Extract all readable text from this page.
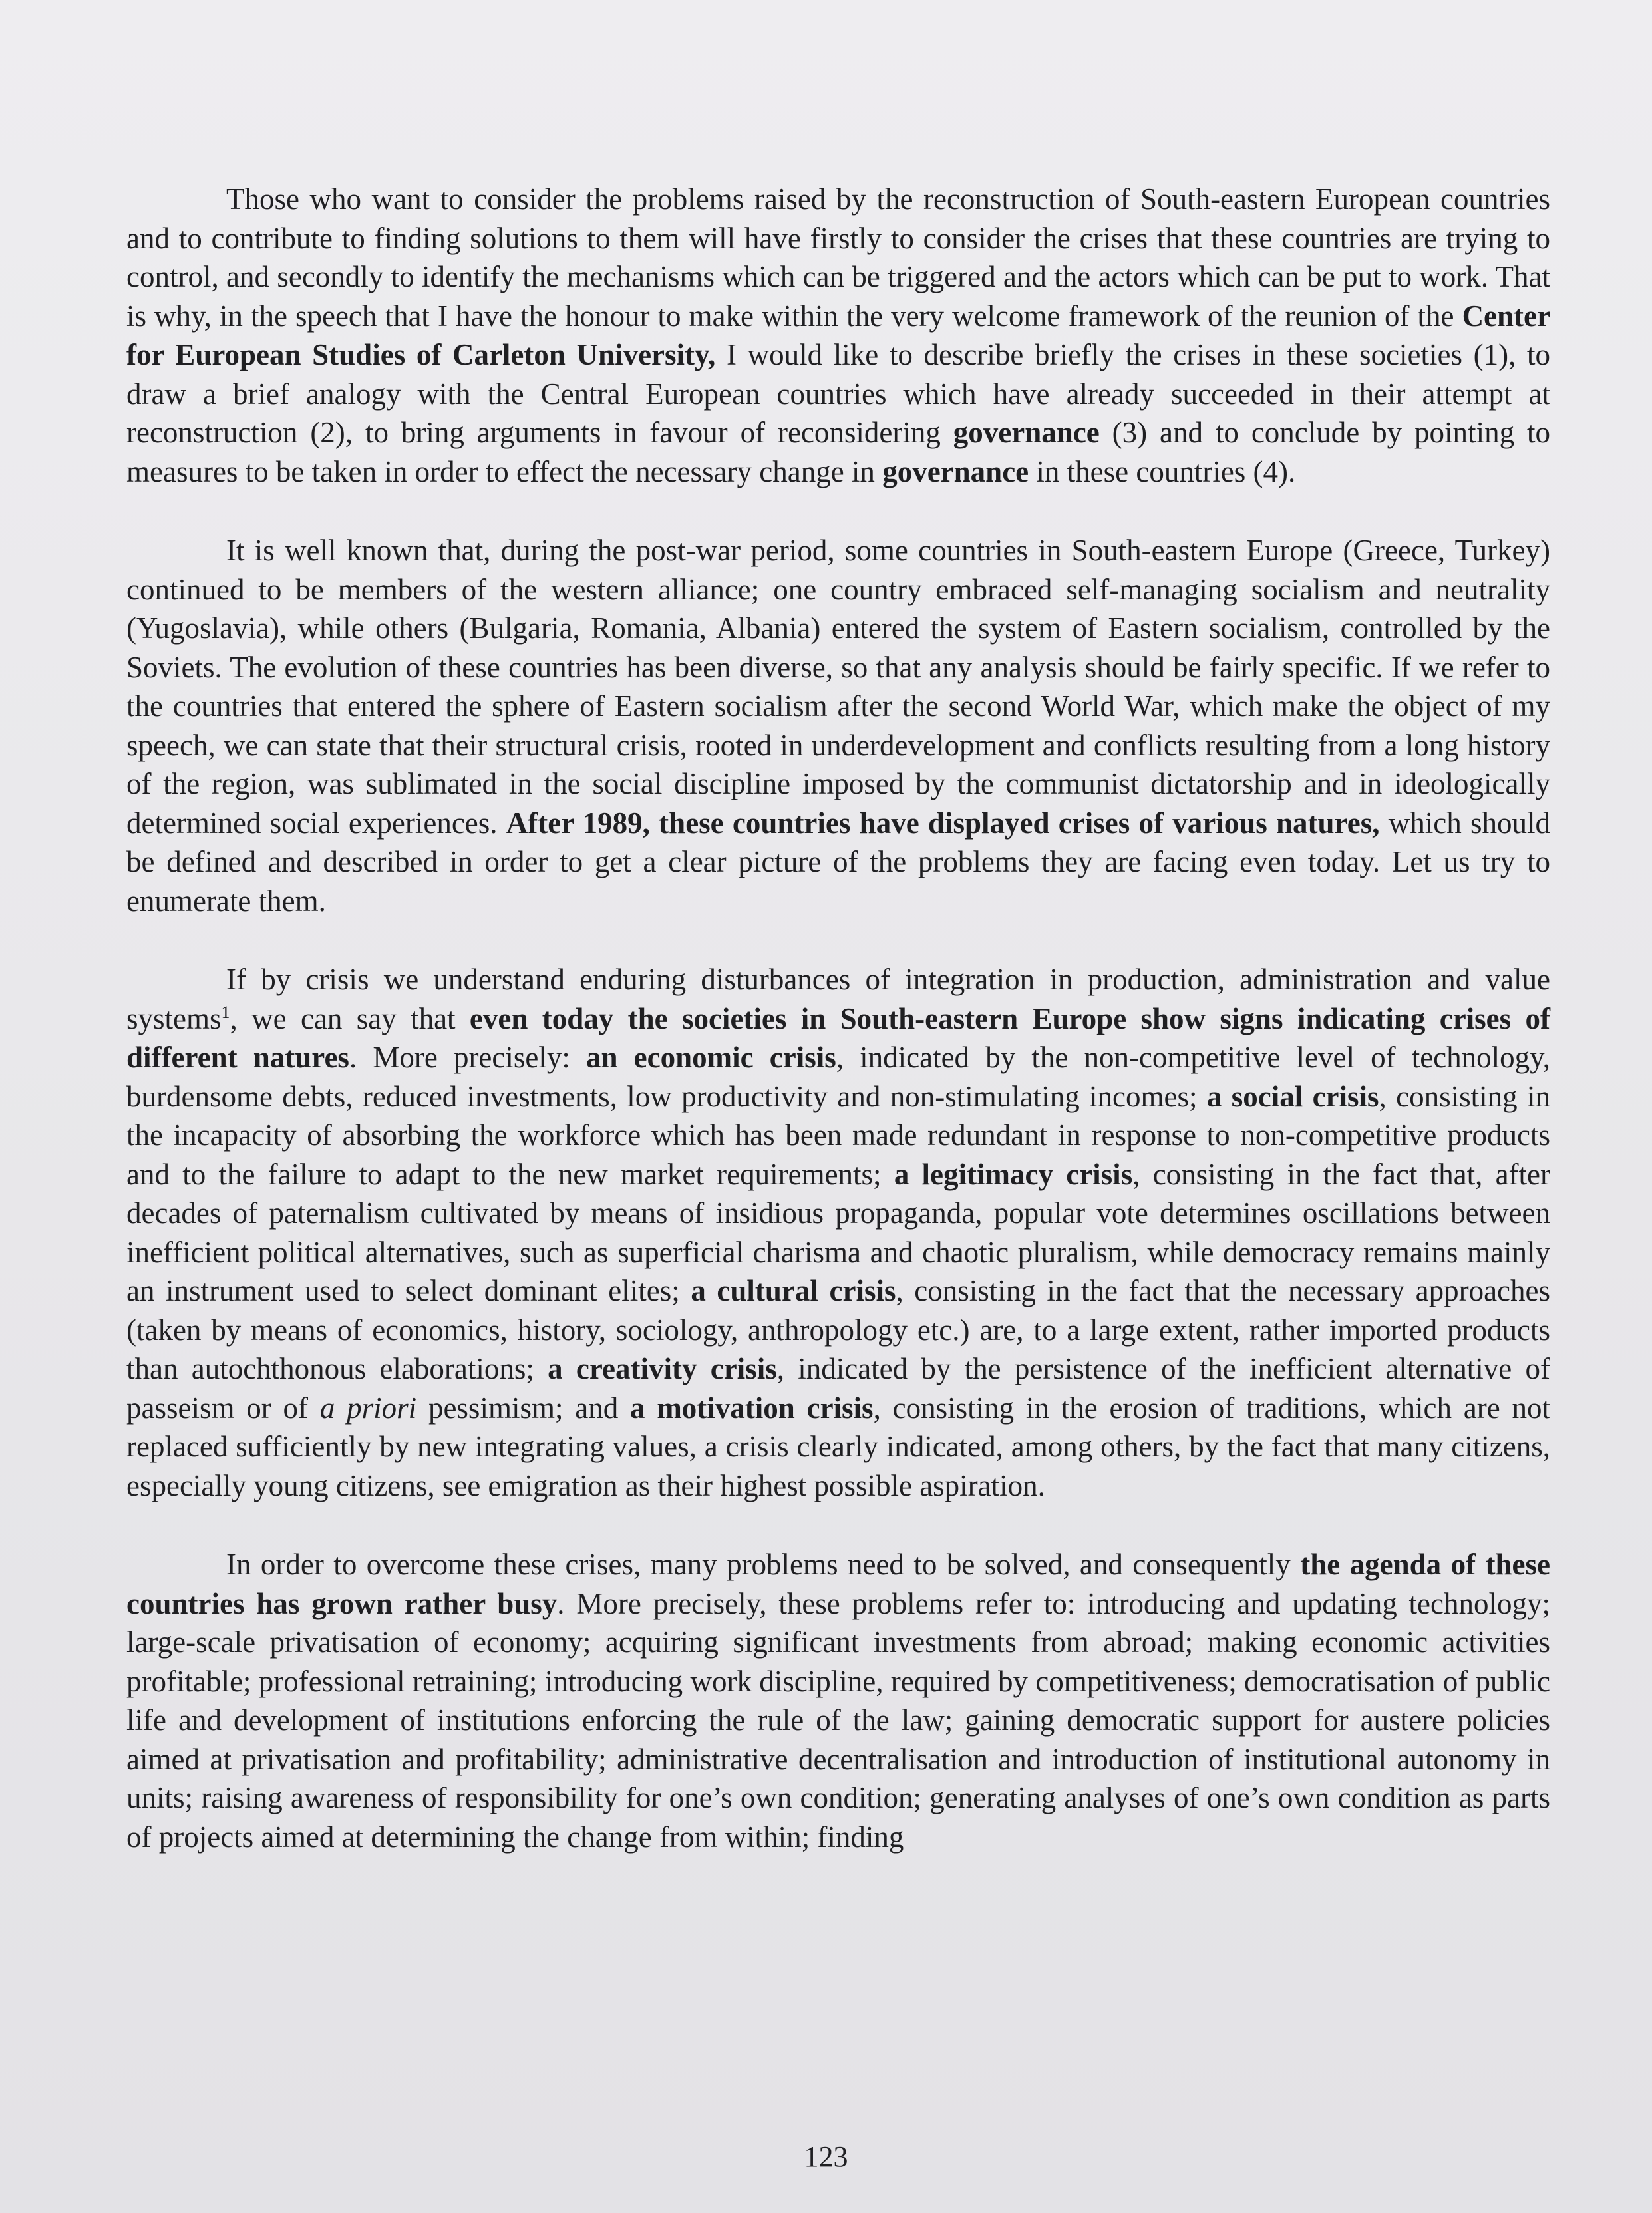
Those who want to consider the problems raised by the reconstruction of South-eastern European countries and to contribute to finding solutions to them will have firstly to consider the crises that these countries are trying to control, and secondly to identify the mechanisms which can be triggered and the actors which can be put to work. That is why, in the speech that I have the honour to make within the very welcome framework of the reunion of the Center for European Studies of Carleton University, I would like to describe briefly the crises in these societies (1), to draw a brief analogy with the Central European countries which have already succeeded in their attempt at reconstruction (2), to bring arguments in favour of reconsidering governance (3) and to conclude by pointing to measures to be taken in order to effect the necessary change in governance in these countries (4).

It is well known that, during the post-war period, some countries in South-eastern Europe (Greece, Turkey) continued to be members of the western alliance; one country embraced self-managing socialism and neutrality (Yugoslavia), while others (Bulgaria, Romania, Albania) entered the system of Eastern socialism, controlled by the Soviets. The evolution of these countries has been diverse, so that any analysis should be fairly specific. If we refer to the countries that entered the sphere of Eastern socialism after the second World War, which make the object of my speech, we can state that their structural crisis, rooted in underdevelopment and conflicts resulting from a long history of the region, was sublimated in the social discipline imposed by the communist dictatorship and in ideologically determined social experiences. After 1989, these countries have displayed crises of various natures, which should be defined and described in order to get a clear picture of the problems they are facing even today. Let us try to enumerate them.

If by crisis we understand enduring disturbances of integration in production, administration and value systems$^1$, we can say that even today the societies in South-eastern Europe show signs indicating crises of different natures. More precisely: an economic crisis, indicated by the non-competitive level of technology, burdensome debts, reduced investments, low productivity and non-stimulating incomes; a social crisis, consisting in the incapacity of absorbing the workforce which has been made redundant in response to non-competitive products and to the failure to adapt to the new market requirements; a legitimacy crisis, consisting in the fact that, after decades of paternalism cultivated by means of insidious propaganda, popular vote determines oscillations between inefficient political alternatives, such as superficial charisma and chaotic pluralism, while democracy remains mainly an instrument used to select dominant elites; a cultural crisis, consisting in the fact that the necessary approaches (taken by means of economics, history, sociology, anthropology etc.) are, to a large extent, rather imported products than autochthonous elaborations; a creativity crisis, indicated by the persistence of the inefficient alternative of passeism or of a priori pessimism; and a motivation crisis, consisting in the erosion of traditions, which are not replaced sufficiently by new integrating values, a crisis clearly indicated, among others, by the fact that many citizens, especially young citizens, see emigration as their highest possible aspiration.

In order to overcome these crises, many problems need to be solved, and consequently the agenda of these countries has grown rather busy. More precisely, these problems refer to: introducing and updating technology; large-scale privatisation of economy; acquiring significant investments from abroad; making economic activities profitable; professional retraining; introducing work discipline, required by competitiveness; democratisation of public life and development of institutions enforcing the rule of the law; gaining democratic support for austere policies aimed at privatisation and profitability; administrative decentralisation and introduction of institutional autonomy in units; raising awareness of responsibility for one’s own condition; generating analyses of one’s own condition as parts of projects aimed at determining the change from within; finding

123
